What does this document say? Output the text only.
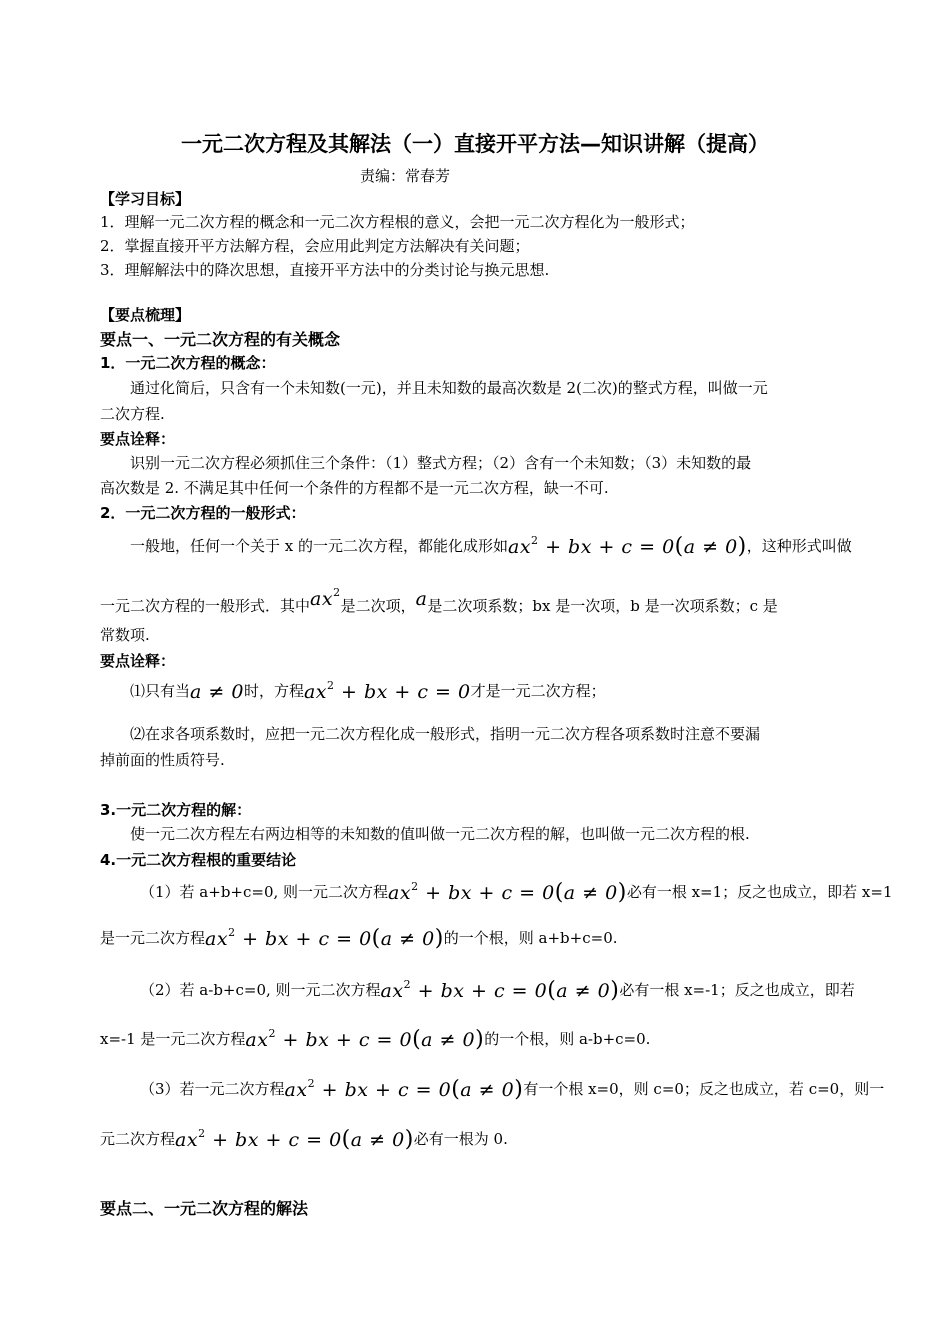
一元二次方程及其解法（一）直接开平方法—知识讲解（提高）
责编：常春芳
【学习目标】
1．理解一元二次方程的概念和一元二次方程根的意义，会把一元二次方程化为一般形式；
2．掌握直接开平方法解方程，会应用此判定方法解决有关问题；
3．理解解法中的降次思想，直接开平方法中的分类讨论与换元思想.
【要点梳理】
要点一、一元二次方程的有关概念
1．一元二次方程的概念：
通过化简后，只含有一个未知数(一元)，并且未知数的最高次数是 2(二次)的整式方程，叫做一元
二次方程.
要点诠释：
识别一元二次方程必须抓住三个条件：（1）整式方程；（2）含有一个未知数；（3）未知数的最
高次数是 2. 不满足其中任何一个条件的方程都不是一元二次方程，缺一不可.
2．一元二次方程的一般形式：
一般地，任何一个关于 x 的一元二次方程，都能化成形如$ax^2$ + bx + c = 0(a ≠ 0)，这种形式叫做
一元二次方程的一般形式．其中$ax^2$是二次项，a是二次项系数；bx 是一次项，b 是一次项系数；c 是
常数项.
要点诠释：
⑴只有当a ≠ 0时，方程$ax^2$ + bx + c = 0才是一元二次方程；
⑵在求各项系数时，应把一元二次方程化成一般形式，指明一元二次方程各项系数时注意不要漏
掉前面的性质符号.
3.一元二次方程的解：
使一元二次方程左右两边相等的未知数的值叫做一元二次方程的解，也叫做一元二次方程的根.
4.一元二次方程根的重要结论
（1）若 a+b+c=0, 则一元二次方程$ax^2$ + bx + c = 0(a ≠ 0)必有一根 x=1；反之也成立，即若 x=1
是一元二次方程$ax^2$ + bx + c = 0(a ≠ 0)的一个根，则 a+b+c=0.
（2）若 a-b+c=0, 则一元二次方程$ax^2$ + bx + c = 0(a ≠ 0)必有一根 x=-1；反之也成立，即若
x=-1 是一元二次方程$ax^2$ + bx + c = 0(a ≠ 0)的一个根，则 a-b+c=0.
（3）若一元二次方程$ax^2$ + bx + c = 0(a ≠ 0)有一个根 x=0，则 c=0；反之也成立，若 c=0，则一
元二次方程$ax^2$ + bx + c = 0(a ≠ 0)必有一根为 0.
要点二、一元二次方程的解法
